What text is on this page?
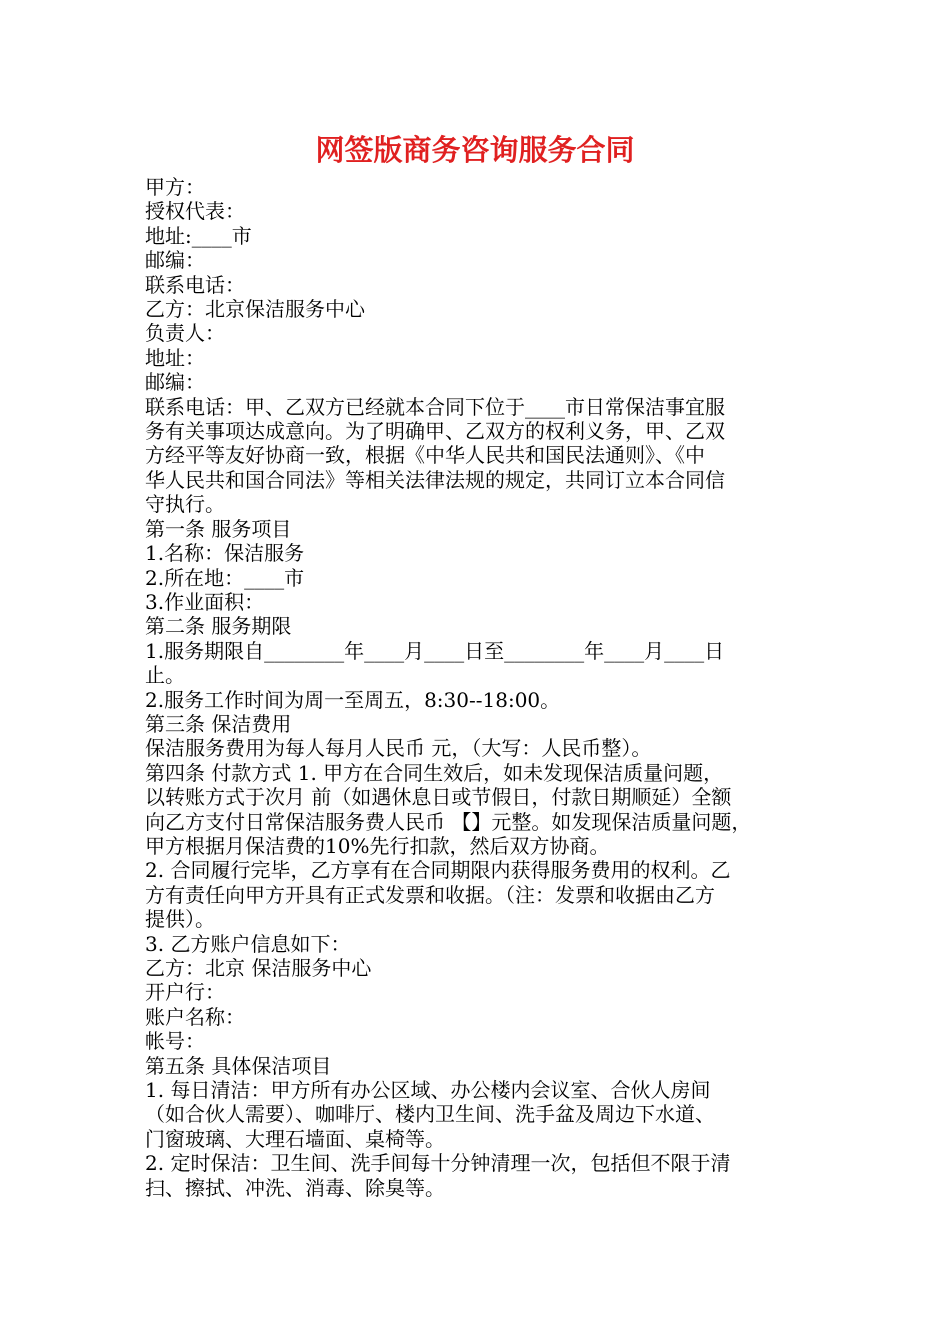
网签版商务咨询服务合同

甲方：

授权代表：

地址:____市

邮编：

联系电话：

乙方：北京保洁服务中心

负责人：

地址：

邮编：

联系电话：甲、乙双方已经就本合同下位于____市日常保洁事宜服

务有关事项达成意向。为了明确甲、乙双方的权利义务，甲、乙双

方经平等友好协商一致，根据《中华人民共和国民法通则》、《中

华人民共和国合同法》等相关法律法规的规定，共同订立本合同信

守执行。

第一条 服务项目

1.名称：保洁服务

2.所在地：____市

3.作业面积：

第二条 服务期限

1.服务期限自________年____月____日至________年____月____日

止。

2.服务工作时间为周一至周五，8:30--18:00。

第三条 保洁费用

保洁服务费用为每人每月人民币 元，（大写：人民币整）。

第四条 付款方式 1. 甲方在合同生效后，如未发现保洁质量问题，

以转账方式于次月 前（如遇休息日或节假日，付款日期顺延）全额

向乙方支付日常保洁服务费人民币 【】元整。如发现保洁质量问题，

甲方根据月保洁费的10%先行扣款，然后双方协商。

2. 合同履行完毕，乙方享有在合同期限内获得服务费用的权利。乙

方有责任向甲方开具有正式发票和收据。（注：发票和收据由乙方

提供）。

3. 乙方账户信息如下：

乙方：北京 保洁服务中心

开户行：

账户名称：

帐号：

第五条 具体保洁项目

1. 每日清洁：甲方所有办公区域、办公楼内会议室、合伙人房间

（如合伙人需要）、咖啡厅、楼内卫生间、洗手盆及周边下水道、

门窗玻璃、大理石墙面、桌椅等。

2. 定时保洁：卫生间、洗手间每十分钟清理一次，包括但不限于清

扫、擦拭、冲洗、消毒、除臭等。
